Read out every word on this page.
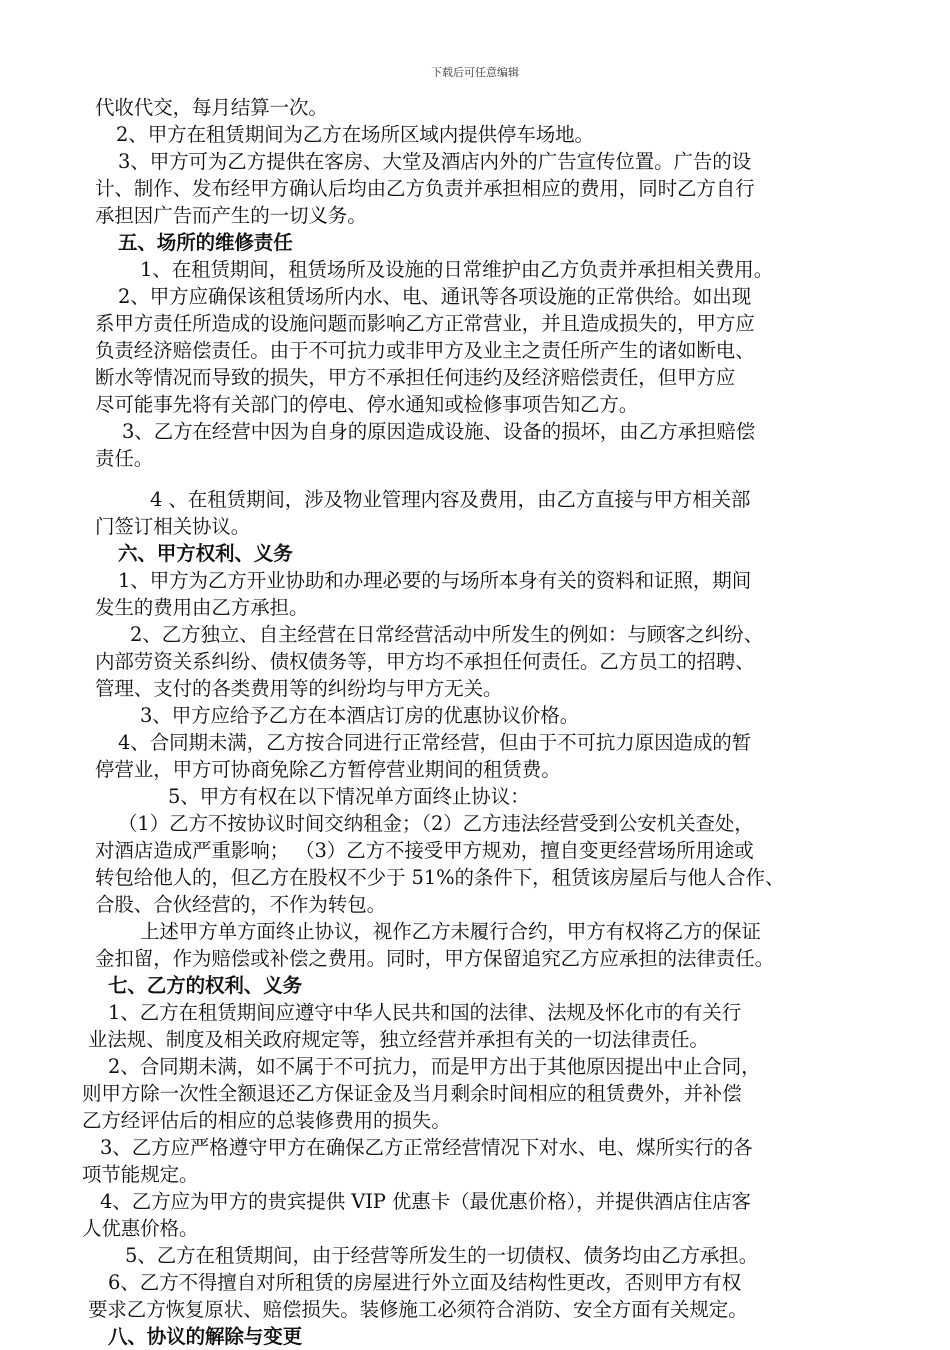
下载后可任意编辑
代收代交，每月结算一次。
2、甲方在租赁期间为乙方在场所区域内提供停车场地。
3、甲方可为乙方提供在客房、大堂及酒店内外的广告宣传位置。广告的设
计、制作、发布经甲方确认后均由乙方负责并承担相应的费用，同时乙方自行
承担因广告而产生的一切义务。
五、场所的维修责任
1、在租赁期间，租赁场所及设施的日常维护由乙方负责并承担相关费用。
2、甲方应确保该租赁场所内水、电、通讯等各项设施的正常供给。如出现
系甲方责任所造成的设施问题而影响乙方正常营业，并且造成损失的，甲方应
负责经济赔偿责任。由于不可抗力或非甲方及业主之责任所产生的诸如断电、
断水等情况而导致的损失，甲方不承担任何违约及经济赔偿责任，但甲方应
尽可能事先将有关部门的停电、停水通知或检修事项告知乙方。
3、乙方在经营中因为自身的原因造成设施、设备的损坏，由乙方承担赔偿
责任。
4 、在租赁期间，涉及物业管理内容及费用，由乙方直接与甲方相关部
门签订相关协议。
六、甲方权利、义务
1、甲方为乙方开业协助和办理必要的与场所本身有关的资料和证照，期间
发生的费用由乙方承担。
2、乙方独立、自主经营在日常经营活动中所发生的例如：与顾客之纠纷、
内部劳资关系纠纷、债权债务等，甲方均不承担任何责任。乙方员工的招聘、
管理、支付的各类费用等的纠纷均与甲方无关。
3、甲方应给予乙方在本酒店订房的优惠协议价格。
4、合同期未满，乙方按合同进行正常经营，但由于不可抗力原因造成的暂
停营业，甲方可协商免除乙方暂停营业期间的租赁费。
5、甲方有权在以下情况单方面终止协议：
（1）乙方不按协议时间交纳租金；（2）乙方违法经营受到公安机关查处，
对酒店造成严重影响； （3）乙方不接受甲方规劝，擅自变更经营场所用途或
转包给他人的，但乙方在股权不少于 51%的条件下，租赁该房屋后与他人合作、
合股、合伙经营的，不作为转包。
上述甲方单方面终止协议，视作乙方未履行合约，甲方有权将乙方的保证
金扣留，作为赔偿或补偿之费用。同时，甲方保留追究乙方应承担的法律责任。
七、乙方的权利、义务
1、乙方在租赁期间应遵守中华人民共和国的法律、法规及怀化市的有关行
业法规、制度及相关政府规定等，独立经营并承担有关的一切法律责任。
2、合同期未满，如不属于不可抗力，而是甲方出于其他原因提出中止合同，
则甲方除一次性全额退还乙方保证金及当月剩余时间相应的租赁费外，并补偿
乙方经评估后的相应的总装修费用的损失。
3、乙方应严格遵守甲方在确保乙方正常经营情况下对水、电、煤所实行的各
项节能规定。
4、乙方应为甲方的贵宾提供 VIP 优惠卡（最优惠价格），并提供酒店住店客
人优惠价格。
5、乙方在租赁期间，由于经营等所发生的一切债权、债务均由乙方承担。
6、乙方不得擅自对所租赁的房屋进行外立面及结构性更改，否则甲方有权
要求乙方恢复原状、赔偿损失。装修施工必须符合消防、安全方面有关规定。
八、协议的解除与变更
